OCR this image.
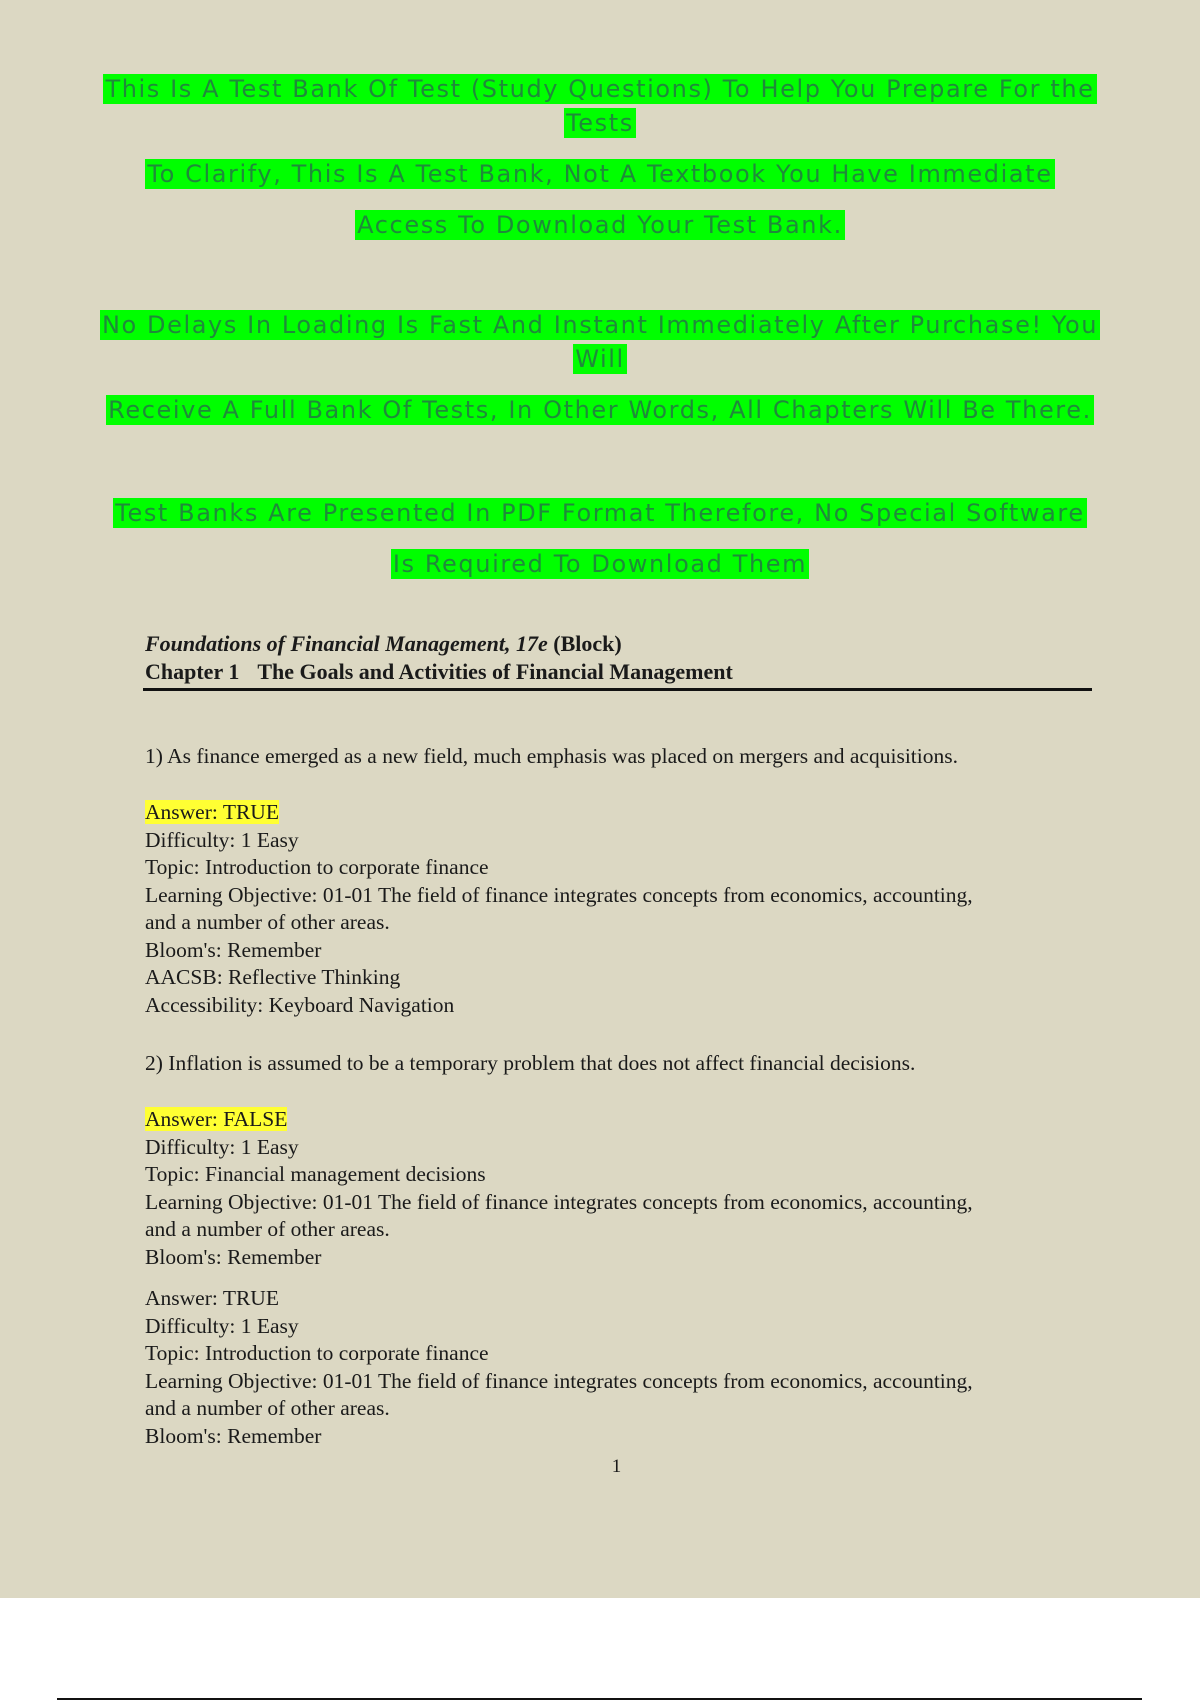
This Is A Test Bank Of Test (Study Questions) To Help You Prepare For the
Tests
To Clarify, This Is A Test Bank, Not A Textbook You Have Immediate
Access To Download Your Test Bank.
No Delays In Loading Is Fast And Instant Immediately After Purchase! You
Will
Receive A Full Bank Of Tests, In Other Words, All Chapters Will Be There.
Test Banks Are Presented In PDF Format Therefore, No Special Software
Is Required To Download Them
Foundations of Financial Management, 17e (Block)
Chapter 1 The Goals and Activities of Financial Management

1) As finance emerged as a new field, much emphasis was placed on mergers and acquisitions.

Answer: TRUE

Difficulty: 1 Easy

Topic: Introduction to corporate finance

Learning Objective: 01-01 The field of finance integrates concepts from economics, accounting,

and a number of other areas.

Bloom's: Remember

AACSB: Reflective Thinking

Accessibility: Keyboard Navigation

2) Inflation is assumed to be a temporary problem that does not affect financial decisions.

Answer: FALSE

Difficulty: 1 Easy

Topic: Financial management decisions

Learning Objective: 01-01 The field of finance integrates concepts from economics, accounting,

and a number of other areas.

Bloom's: Remember

Answer: TRUE

Difficulty: 1 Easy

Topic: Introduction to corporate finance

Learning Objective: 01-01 The field of finance integrates concepts from economics, accounting,

and a number of other areas.

Bloom's: Remember

1
